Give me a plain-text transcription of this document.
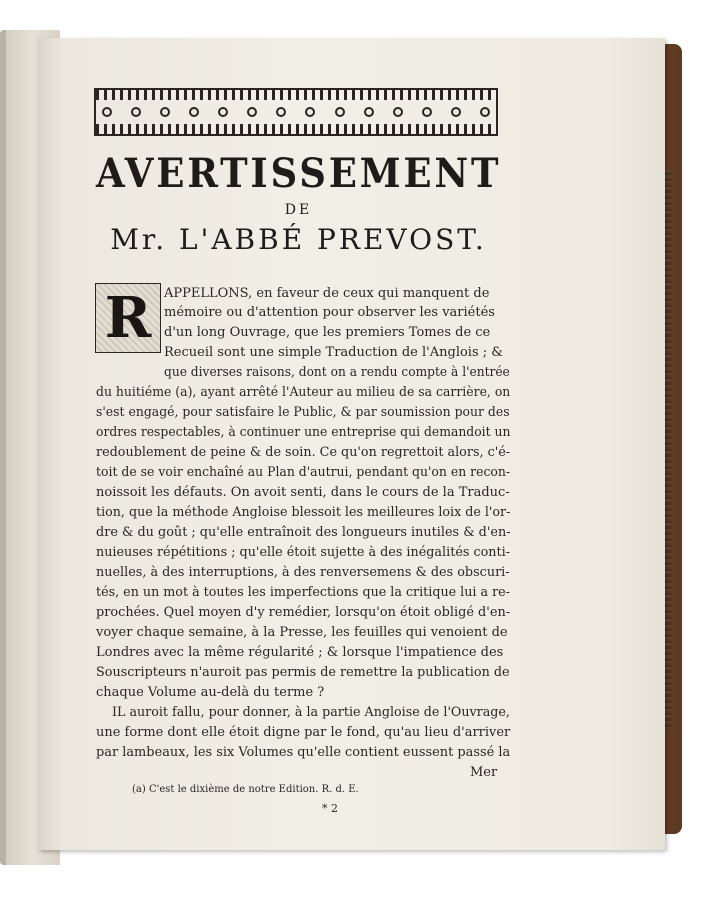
AVERTISSEMENT
DE
Mr. L'ABBÉ PREVOST.
R APPELLONS, en faveur de ceux qui manquent de
mémoire ou d'attention pour observer les variétés
d'un long Ouvrage, que les premiers Tomes de ce
Recueil sont une simple Traduction de l'Anglois ; &
que diverses raisons, dont on a rendu compte à l'entrée
du huitiéme (a), ayant arrêté l'Auteur au milieu de sa carrière, on
s'est engagé, pour satisfaire le Public, & par soumission pour des
ordres respectables, à continuer une entreprise qui demandoit un
redoublement de peine & de soin. Ce qu'on regrettoit alors, c'é-
toit de se voir enchaîné au Plan d'autrui, pendant qu'on en recon-
noissoit les défauts. On avoit senti, dans le cours de la Traduc-
tion, que la méthode Angloise blessoit les meilleures loix de l'or-
dre & du goût ; qu'elle entraînoit des longueurs inutiles & d'en-
nuieuses répétitions ; qu'elle étoit sujette à des inégalités conti-
nuelles, à des interruptions, à des renversemens & des obscuri-
tés, en un mot à toutes les imperfections que la critique lui a re-
prochées. Quel moyen d'y remédier, lorsqu'on étoit obligé d'en-
voyer chaque semaine, à la Presse, les feuilles qui venoient de
Londres avec la même régularité ; & lorsque l'impatience des
Souscripteurs n'auroit pas permis de remettre la publication de
chaque Volume au-delà du terme ?
IL auroit fallu, pour donner, à la partie Angloise de l'Ouvrage,
une forme dont elle étoit digne par le fond, qu'au lieu d'arriver
par lambeaux, les six Volumes qu'elle contient eussent passé la
Mer
(a) C'est le dixième de notre Edition. R. d. E.
* 2
